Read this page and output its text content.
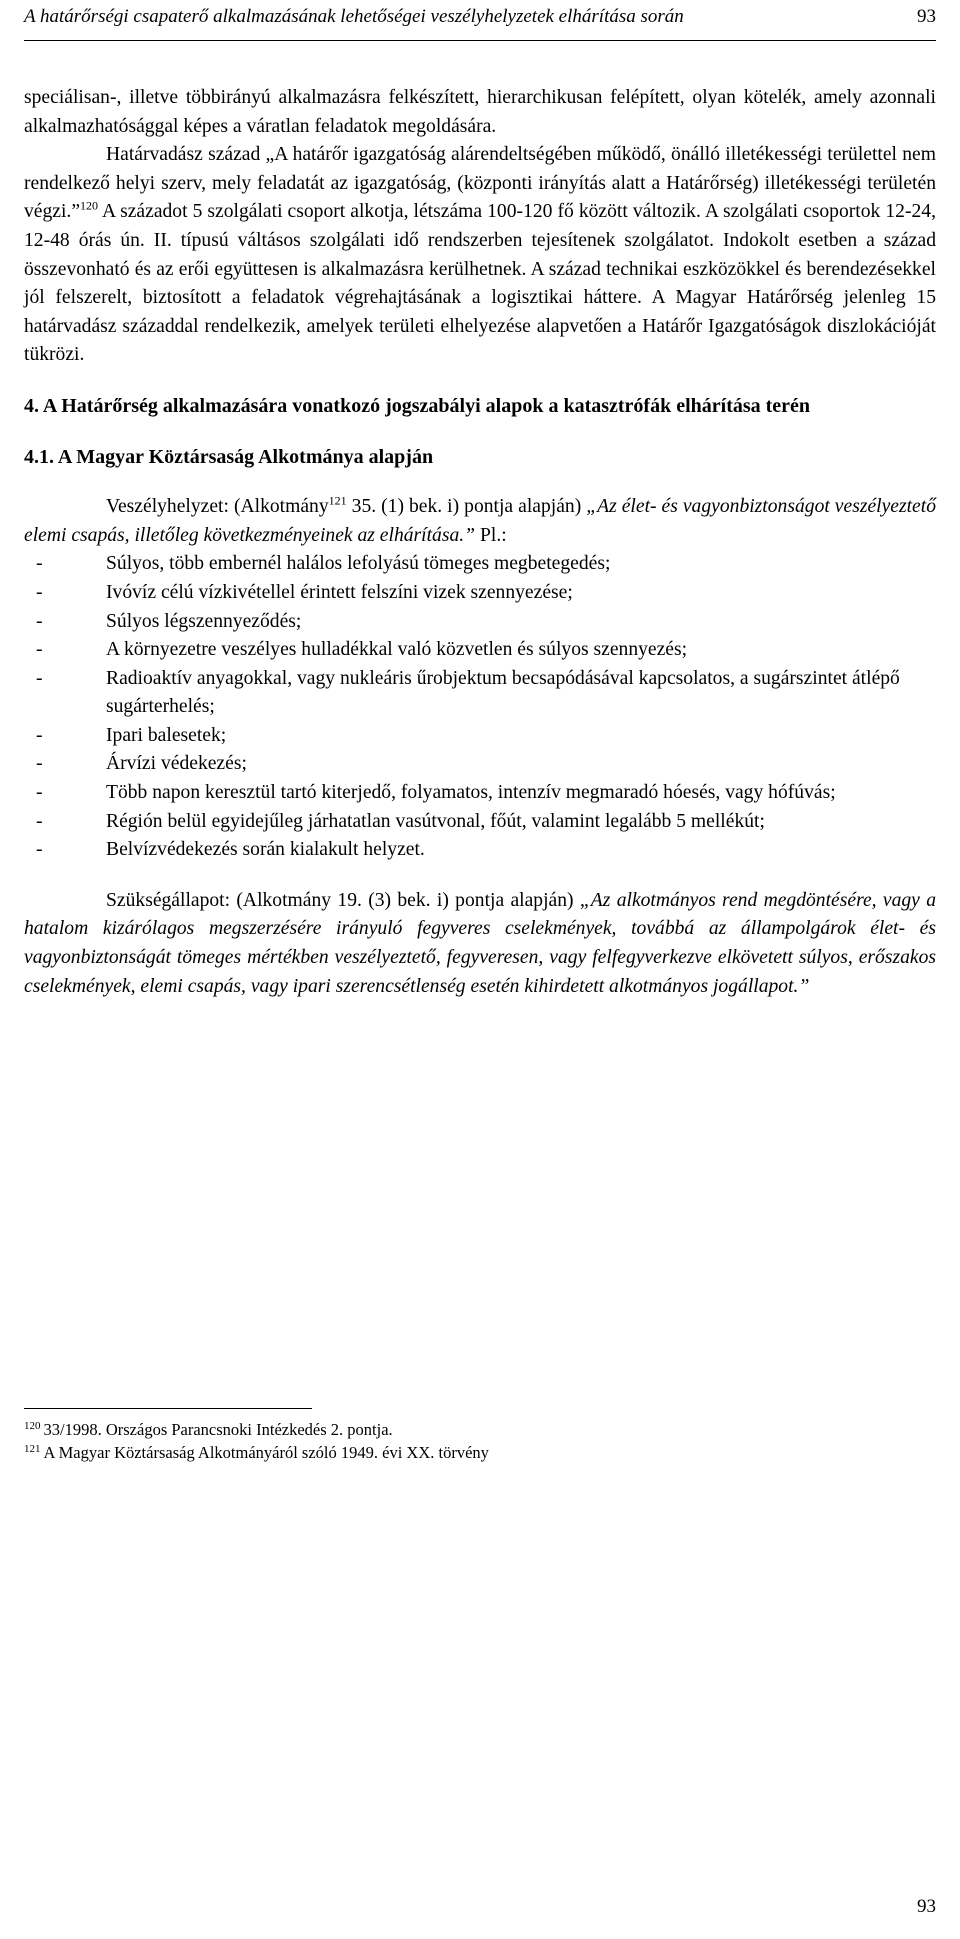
A határőrségi csapaterő alkalmazásának lehetőségei veszélyhelyzetek elhárítása során	93

speciálisan-, illetve többirányú alkalmazásra felkészített, hierarchikusan felépített, olyan kötelék, amely azonnali alkalmazhatósággal képes a váratlan feladatok megoldására.

Határvadász század „A határőr igazgatóság alárendeltségében működő, önálló illetékességi területtel nem rendelkező helyi szerv, mely feladatát az igazgatóság, (központi irányítás alatt a Határőrség) illetékességi területén végzi.”$^{120}$ A századot 5 szolgálati csoport alkotja, létszáma 100-120 fő között változik. A szolgálati csoportok 12-24, 12-48 órás ún. II. típusú váltásos szolgálati idő rendszerben tejesítenek szolgálatot. Indokolt esetben a század összevonható és az erői együttesen is alkalmazásra kerülhetnek. A század technikai eszközökkel és berendezésekkel jól felszerelt, biztosított a feladatok végrehajtásának a logisztikai háttere. A Magyar Határőrség jelenleg 15 határvadász századdal rendelkezik, amelyek területi elhelyezése alapvetően a Határőr Igazgatóságok diszlokációját tükrözi.

4. A Határőrség alkalmazására vonatkozó jogszabályi alapok a katasztrófák elhárítása terén

4.1. A Magyar Köztársaság Alkotmánya alapján

Veszélyhelyzet: (Alkotmány$^{121}$ 35. (1) bek. i) pontja alapján) „Az élet- és vagyonbiztonságot veszélyeztető elemi csapás, illetőleg következményeinek az elhárítása.” Pl.:

-	Súlyos, több embernél halálos lefolyású tömeges megbetegedés;
-	Ivóvíz célú vízkivétellel érintett felszíni vizek szennyezése;
-	Súlyos légszennyeződés;
-	A környezetre veszélyes hulladékkal való közvetlen és súlyos szennyezés;
-	Radioaktív anyagokkal, vagy nukleáris űrobjektum becsapódásával kapcsolatos, a sugárszintet átlépő sugárterhelés;
-	Ipari balesetek;
-	Árvízi védekezés;
-	Több napon keresztül tartó kiterjedő, folyamatos, intenzív megmaradó hóesés, vagy hófúvás;
-	Régión belül egyidejűleg járhatatlan vasútvonal, főút, valamint legalább 5 mellékút;
-	Belvízvédekezés során kialakult helyzet.

Szükségállapot: (Alkotmány 19. (3) bek. i) pontja alapján) „Az alkotmányos rend megdöntésére, vagy a hatalom kizárólagos megszerzésére irányuló fegyveres cselekmények, továbbá az állampolgárok élet- és vagyonbiztonságát tömeges mértékben veszélyeztető, fegyveresen, vagy felfegyverkezve elkövetett súlyos, erőszakos cselekmények, elemi csapás, vagy ipari szerencsétlenség esetén kihirdetett alkotmányos jogállapot.”

$^{120}$ 33/1998. Országos Parancsnoki Intézkedés 2. pontja.
$^{121}$ A Magyar Köztársaság Alkotmányáról szóló 1949. évi XX. törvény
93
